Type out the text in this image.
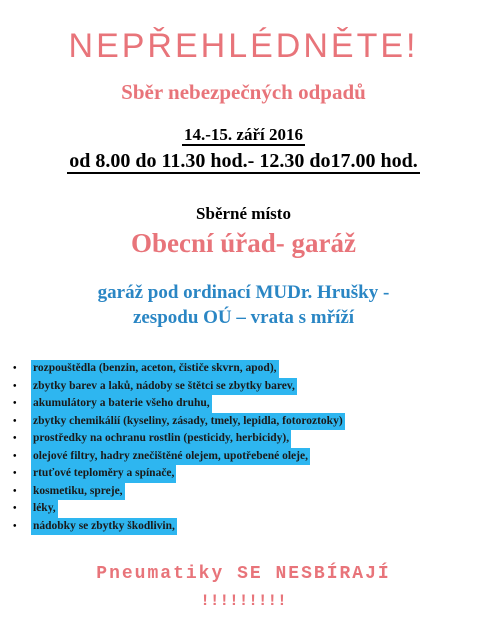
NEPŘEHLÉDNĚTE!
Sběr nebezpečných odpadů
14.-15. září 2016
od 8.00 do 11.30 hod.- 12.30 do17.00 hod.
Sběrné místo
Obecní úřad- garáž
garáž pod ordinací MUDr. Hrušky -
zespodu OÚ – vrata s mříží
•	rozpouštědla (benzin, aceton, čističe skvrn, apod),
•	zbytky barev a laků, nádoby se štětci se zbytky barev,
•	akumulátory a baterie všeho druhu,
•	zbytky chemikálií (kyseliny, zásady, tmely, lepidla, fotoroztoky)
•	prostředky na ochranu rostlin (pesticidy, herbicidy),
•	olejové filtry, hadry znečištěné olejem, upotřebené oleje,
•	rtuťové teploměry a spínače,
•	kosmetiku, spreje,
•	léky,
•	nádobky se zbytky škodlivin,
Pneumatiky SE NESBÍRAJÍ
!!!!!!!!!
